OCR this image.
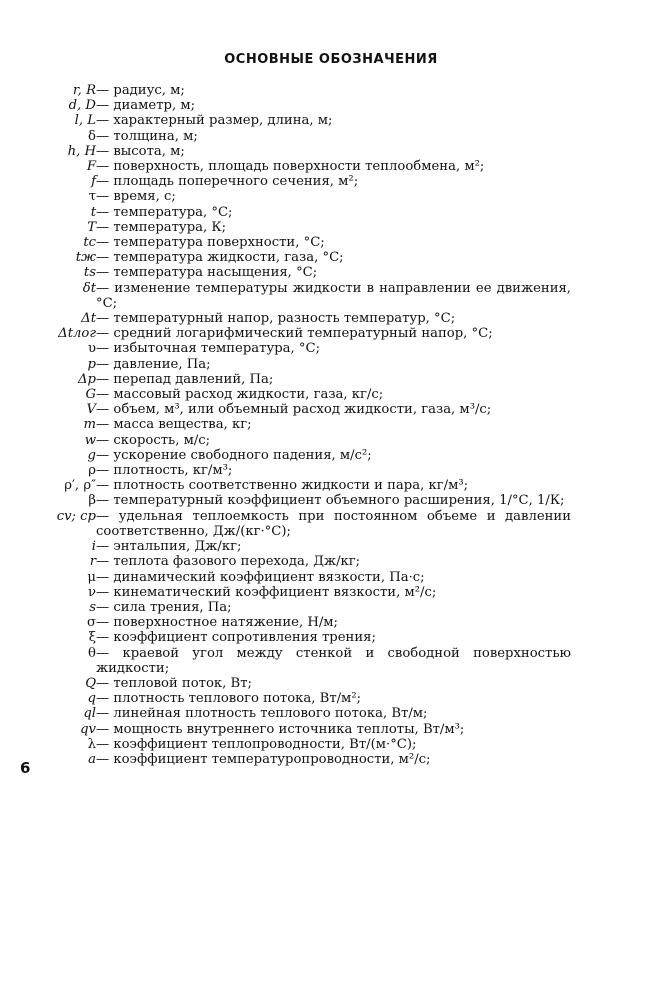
ОСНОВНЫЕ ОБОЗНАЧЕНИЯ
r, R — радиус, м;
d, D — диаметр, м;
l, L — характерный размер, длина, м;
δ — толщина, м;
h, H — высота, м;
F — поверхность, площадь поверхности теплообмена, м²;
f — площадь поперечного сечения, м²;
τ — время, с;
t — температура, °С;
T — температура, К;
tс — температура поверхности, °С;
tж — температура жидкости, газа, °С;
ts — температура насыщения, °С;
δt — изменение температуры жидкости в направлении ее движения, °С;
Δt — температурный напор, разность температур, °С;
Δtлог — средний логарифмический температурный напор, °С;
υ — избыточная температура, °С;
p — давление, Па;
Δp — перепад давлений, Па;
G — массовый расход жидкости, газа, кг/с;
V — объем, м³, или объемный расход жидкости, газа, м³/с;
m — масса вещества, кг;
w — скорость, м/с;
g — ускорение свободного падения, м/с²;
ρ — плотность, кг/м³;
ρ′, ρ″ — плотность соответственно жидкости и пара, кг/м³;
β — температурный коэффициент объемного расширения, 1/°С, 1/К;
cv; cp — удельная теплоемкость при постоянном объеме и давлении соответственно, Дж/(кг·°С);
i — энтальпия, Дж/кг;
r — теплота фазового перехода, Дж/кг;
μ — динамический коэффициент вязкости, Па·с;
ν — кинематический коэффициент вязкости, м²/с;
s — сила трения, Па;
σ — поверхностное натяжение, Н/м;
ξ — коэффициент сопротивления трения;
θ — краевой угол между стенкой и свободной поверхностью жидкости;
Q — тепловой поток, Вт;
q — плотность теплового потока, Вт/м²;
ql — линейная плотность теплового потока, Вт/м;
qv — мощность внутреннего источника теплоты, Вт/м³;
λ — коэффициент теплопроводности, Вт/(м·°С);
a — коэффициент температуропроводности, м²/с;
6
